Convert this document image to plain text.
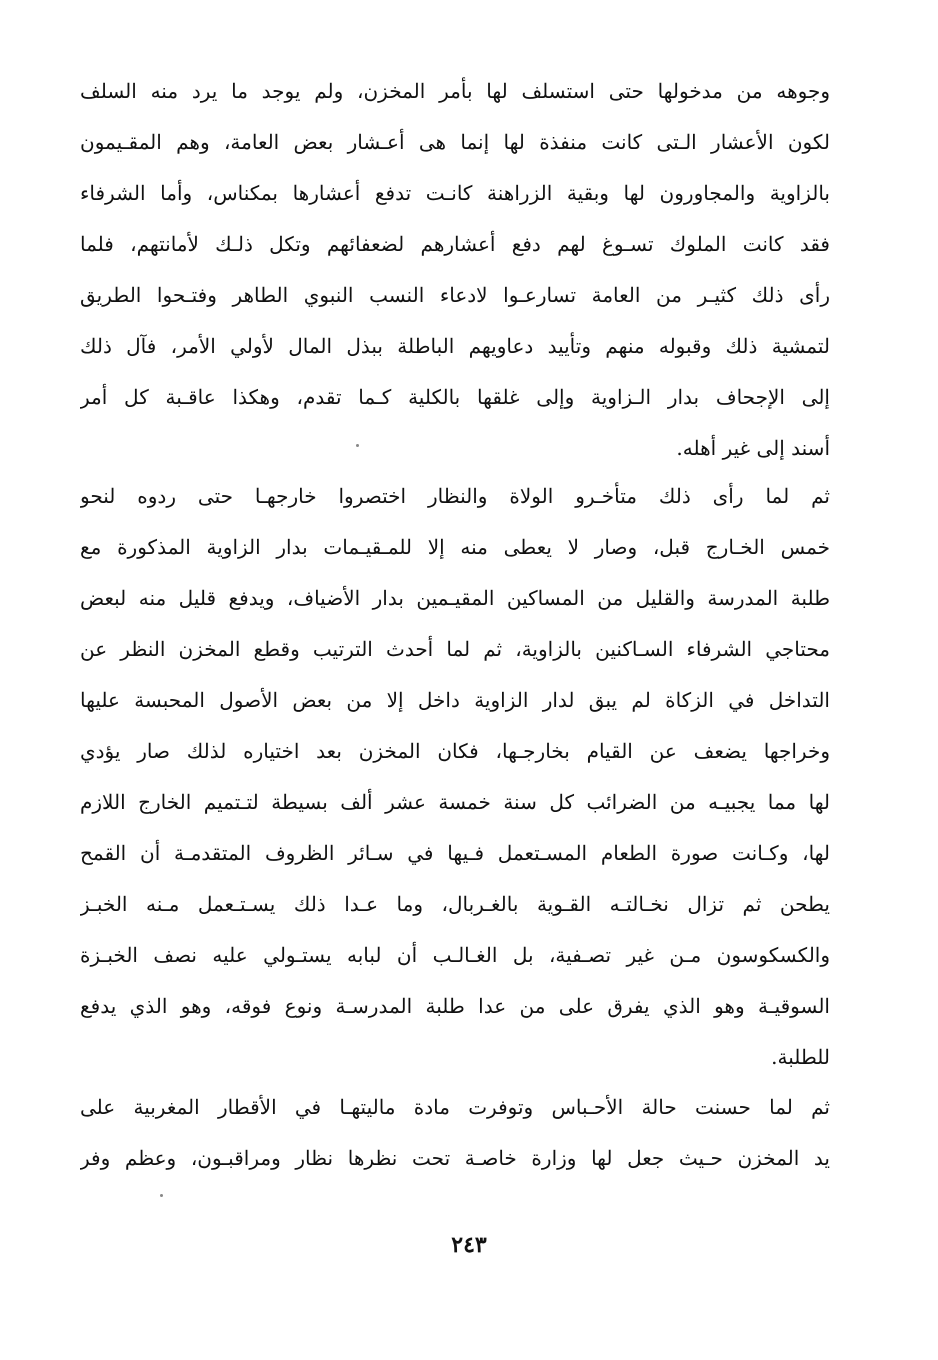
وجوهه من مدخولها حتى استسلف لها بأمر المخزن، ولم يوجد ما يرد منه السلف
لكون الأعشار الـتى كانت منفذة لها إنما هى أعـشار بعض العامة، وهم المقـيمون
بالزاوية والمجاورون لها وبقية الزراهنة كانـت تدفع أعشارها بمكناس، وأما الشرفاء
فقد كانت الملوك تسـوغ لهم دفع أعشارهم لضعفائهم وتكل ذلـك لأمانتهم، فلما
رأى ذلك كثيـر من العامة تسارعـوا لادعاء النسب النبوي الطاهر وفتـحوا الطريق
لتمشية ذلك وقبوله منهم وتأييد دعاويهم الباطلة ببذل المال لأولي الأمر، فآل ذلك
إلى الإجحاف بدار الـزاوية وإلى غلقها بالكلية كـما تقدم، وهكذا عاقـبة كل أمر
أسند إلى غير أهله.
ثم لما رأى ذلك متأخـرو الولاة والنظار اختصروا خارجهـا حتى ردوه لنحو
خمس الخـارج قبل، وصار لا يعطى منه إلا للمـقيـمات بدار الزاوية المذكورة مع
طلبة المدرسة والقليل من المساكين المقيـمين بدار الأضياف، ويدفع قليل منه لبعض
محتاجي الشرفاء السـاكنين بالزاوية، ثم لما أحدث الترتيب وقطع المخزن النظر عن
التداخل في الزكاة لم يبق لدار الزاوية داخل إلا من بعض الأصول المحبسة عليها
وخراجها يضعف عن القيام بخارجـها، فكان المخزن بعد اختياره لذلك صار يؤدي
لها مما يجبيـه من الضرائب كل سنة خمسة عشر ألف بسيطة لتـتميم الخارج اللازم
لها، وكـانت صورة الطعام المسـتعمل فـيها في سـائر الظروف المتقدمـة أن القمح
يطحن ثم تزال نخـالتـه القـوية بالغـربال، وما عـدا ذلك يسـتـعمل مـنه الخبـز
والكسكوسون مـن غير تصـفية، بل الغـالـب أن لبابه يستـولي عليه نصف الخبـزة
السوقيـة وهو الذي يفرق على من عدا طلبة المدرسـة ونوع فوقه، وهو الذي يدفع
للطلبة.
ثم لما حسنت حالة الأحـباس وتوفرت مادة ماليتهـا في الأقطار المغربية على
يد المخزن حـيث جعل لها وزارة خاصـة تحت نظرها نظار ومراقبـون، وعظم وفر
٢٤٣
